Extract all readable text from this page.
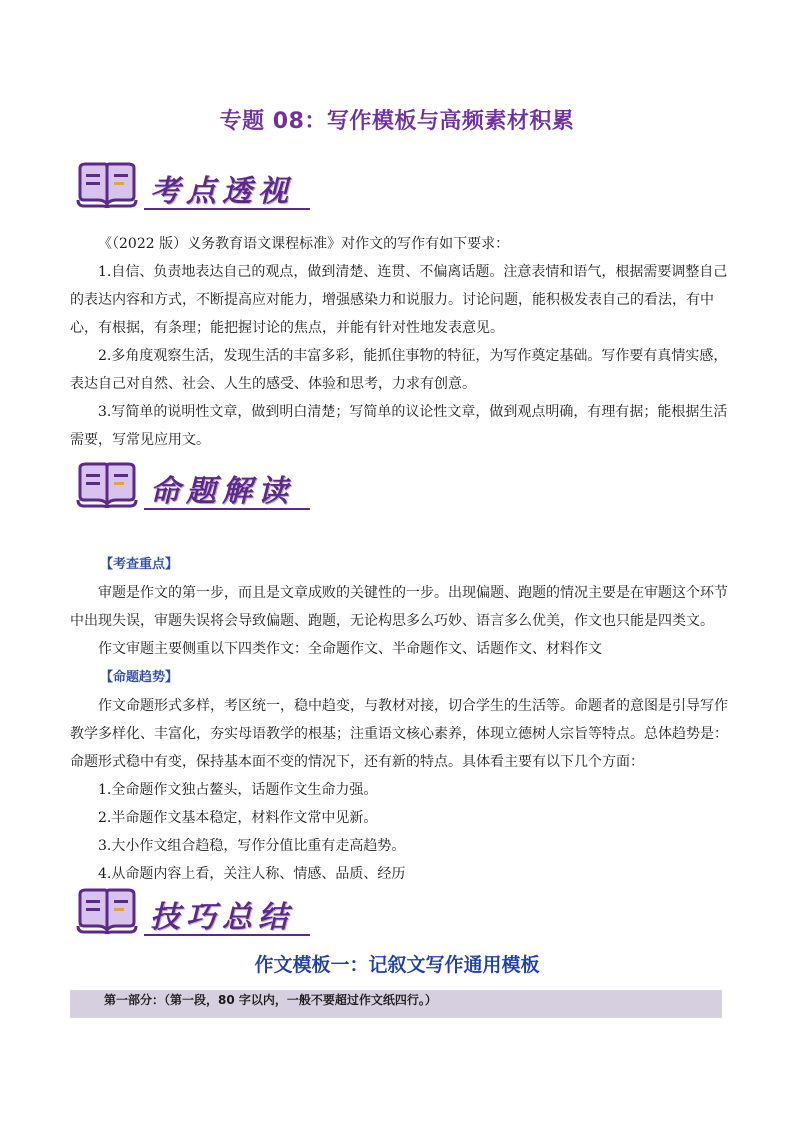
专题 08：写作模板与高频素材积累
考点透视

《（2022 版）义务教育语文课程标准》对作文的写作有如下要求：

1.自信、负责地表达自己的观点，做到清楚、连贯、不偏离话题。注意表情和语气，根据需要调整自己的表达内容和方式，不断提高应对能力，增强感染力和说服力。讨论问题，能积极发表自己的看法，有中心，有根据，有条理；能把握讨论的焦点，并能有针对性地发表意见。

2.多角度观察生活，发现生活的丰富多彩，能抓住事物的特征，为写作奠定基础。写作要有真情实感，表达自己对自然、社会、人生的感受、体验和思考，力求有创意。

3.写简单的说明性文章，做到明白清楚；写简单的议论性文章，做到观点明确，有理有据；能根据生活需要，写常见应用文。

命题解读

【考查重点】

审题是作文的第一步，而且是文章成败的关键性的一步。出现偏题、跑题的情况主要是在审题这个环节中出现失误，审题失误将会导致偏题、跑题，无论构思多么巧妙、语言多么优美，作文也只能是四类文。

作文审题主要侧重以下四类作文：全命题作文、半命题作文、话题作文、材料作文

【命题趋势】

作文命题形式多样，考区统一，稳中趋变，与教材对接，切合学生的生活等。命题者的意图是引导写作教学多样化、丰富化，夯实母语教学的根基；注重语文核心素养，体现立德树人宗旨等特点。总体趋势是：命题形式稳中有变，保持基本面不变的情况下，还有新的特点。具体看主要有以下几个方面：

1.全命题作文独占鳌头，话题作文生命力强。

2.半命题作文基本稳定，材料作文常中见新。

3.大小作文组合趋稳，写作分值比重有走高趋势。

4.从命题内容上看，关注人称、情感、品质、经历

技巧总结
作文模板一：记叙文写作通用模板
第一部分：（第一段，80 字以内，一般不要超过作文纸四行。）
